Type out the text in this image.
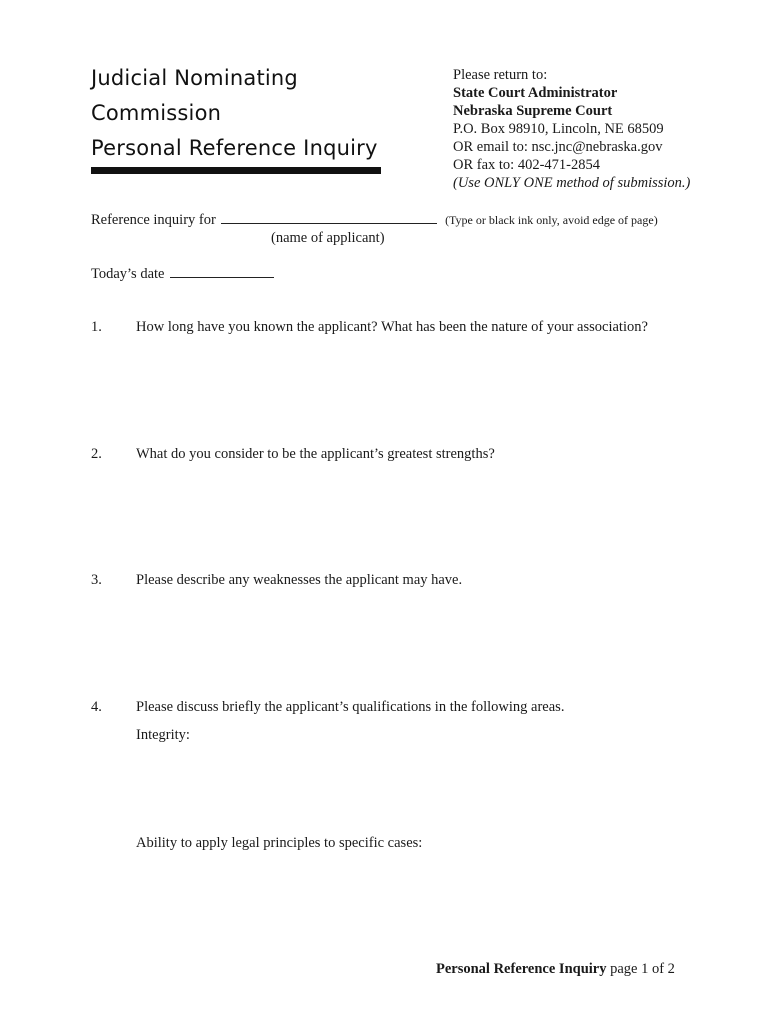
Judicial Nominating
Commission
Personal Reference Inquiry
Please return to:
State Court Administrator
Nebraska Supreme Court
P.O. Box 98910, Lincoln, NE 68509
OR email to: nsc.jnc@nebraska.gov
OR fax to: 402-471-2854
(Use ONLY ONE method of submission.)
Reference inquiry for	(Type or black ink only, avoid edge of page)
(name of applicant)
Today’s date
1. How long have you known the applicant? What has been the nature of your association?
2. What do you consider to be the applicant’s greatest strengths?
3. Please describe any weaknesses the applicant may have.
4. Please discuss briefly the applicant’s qualifications in the following areas.
Integrity:
Ability to apply legal principles to specific cases:
Personal Reference Inquiry page 1 of 2
